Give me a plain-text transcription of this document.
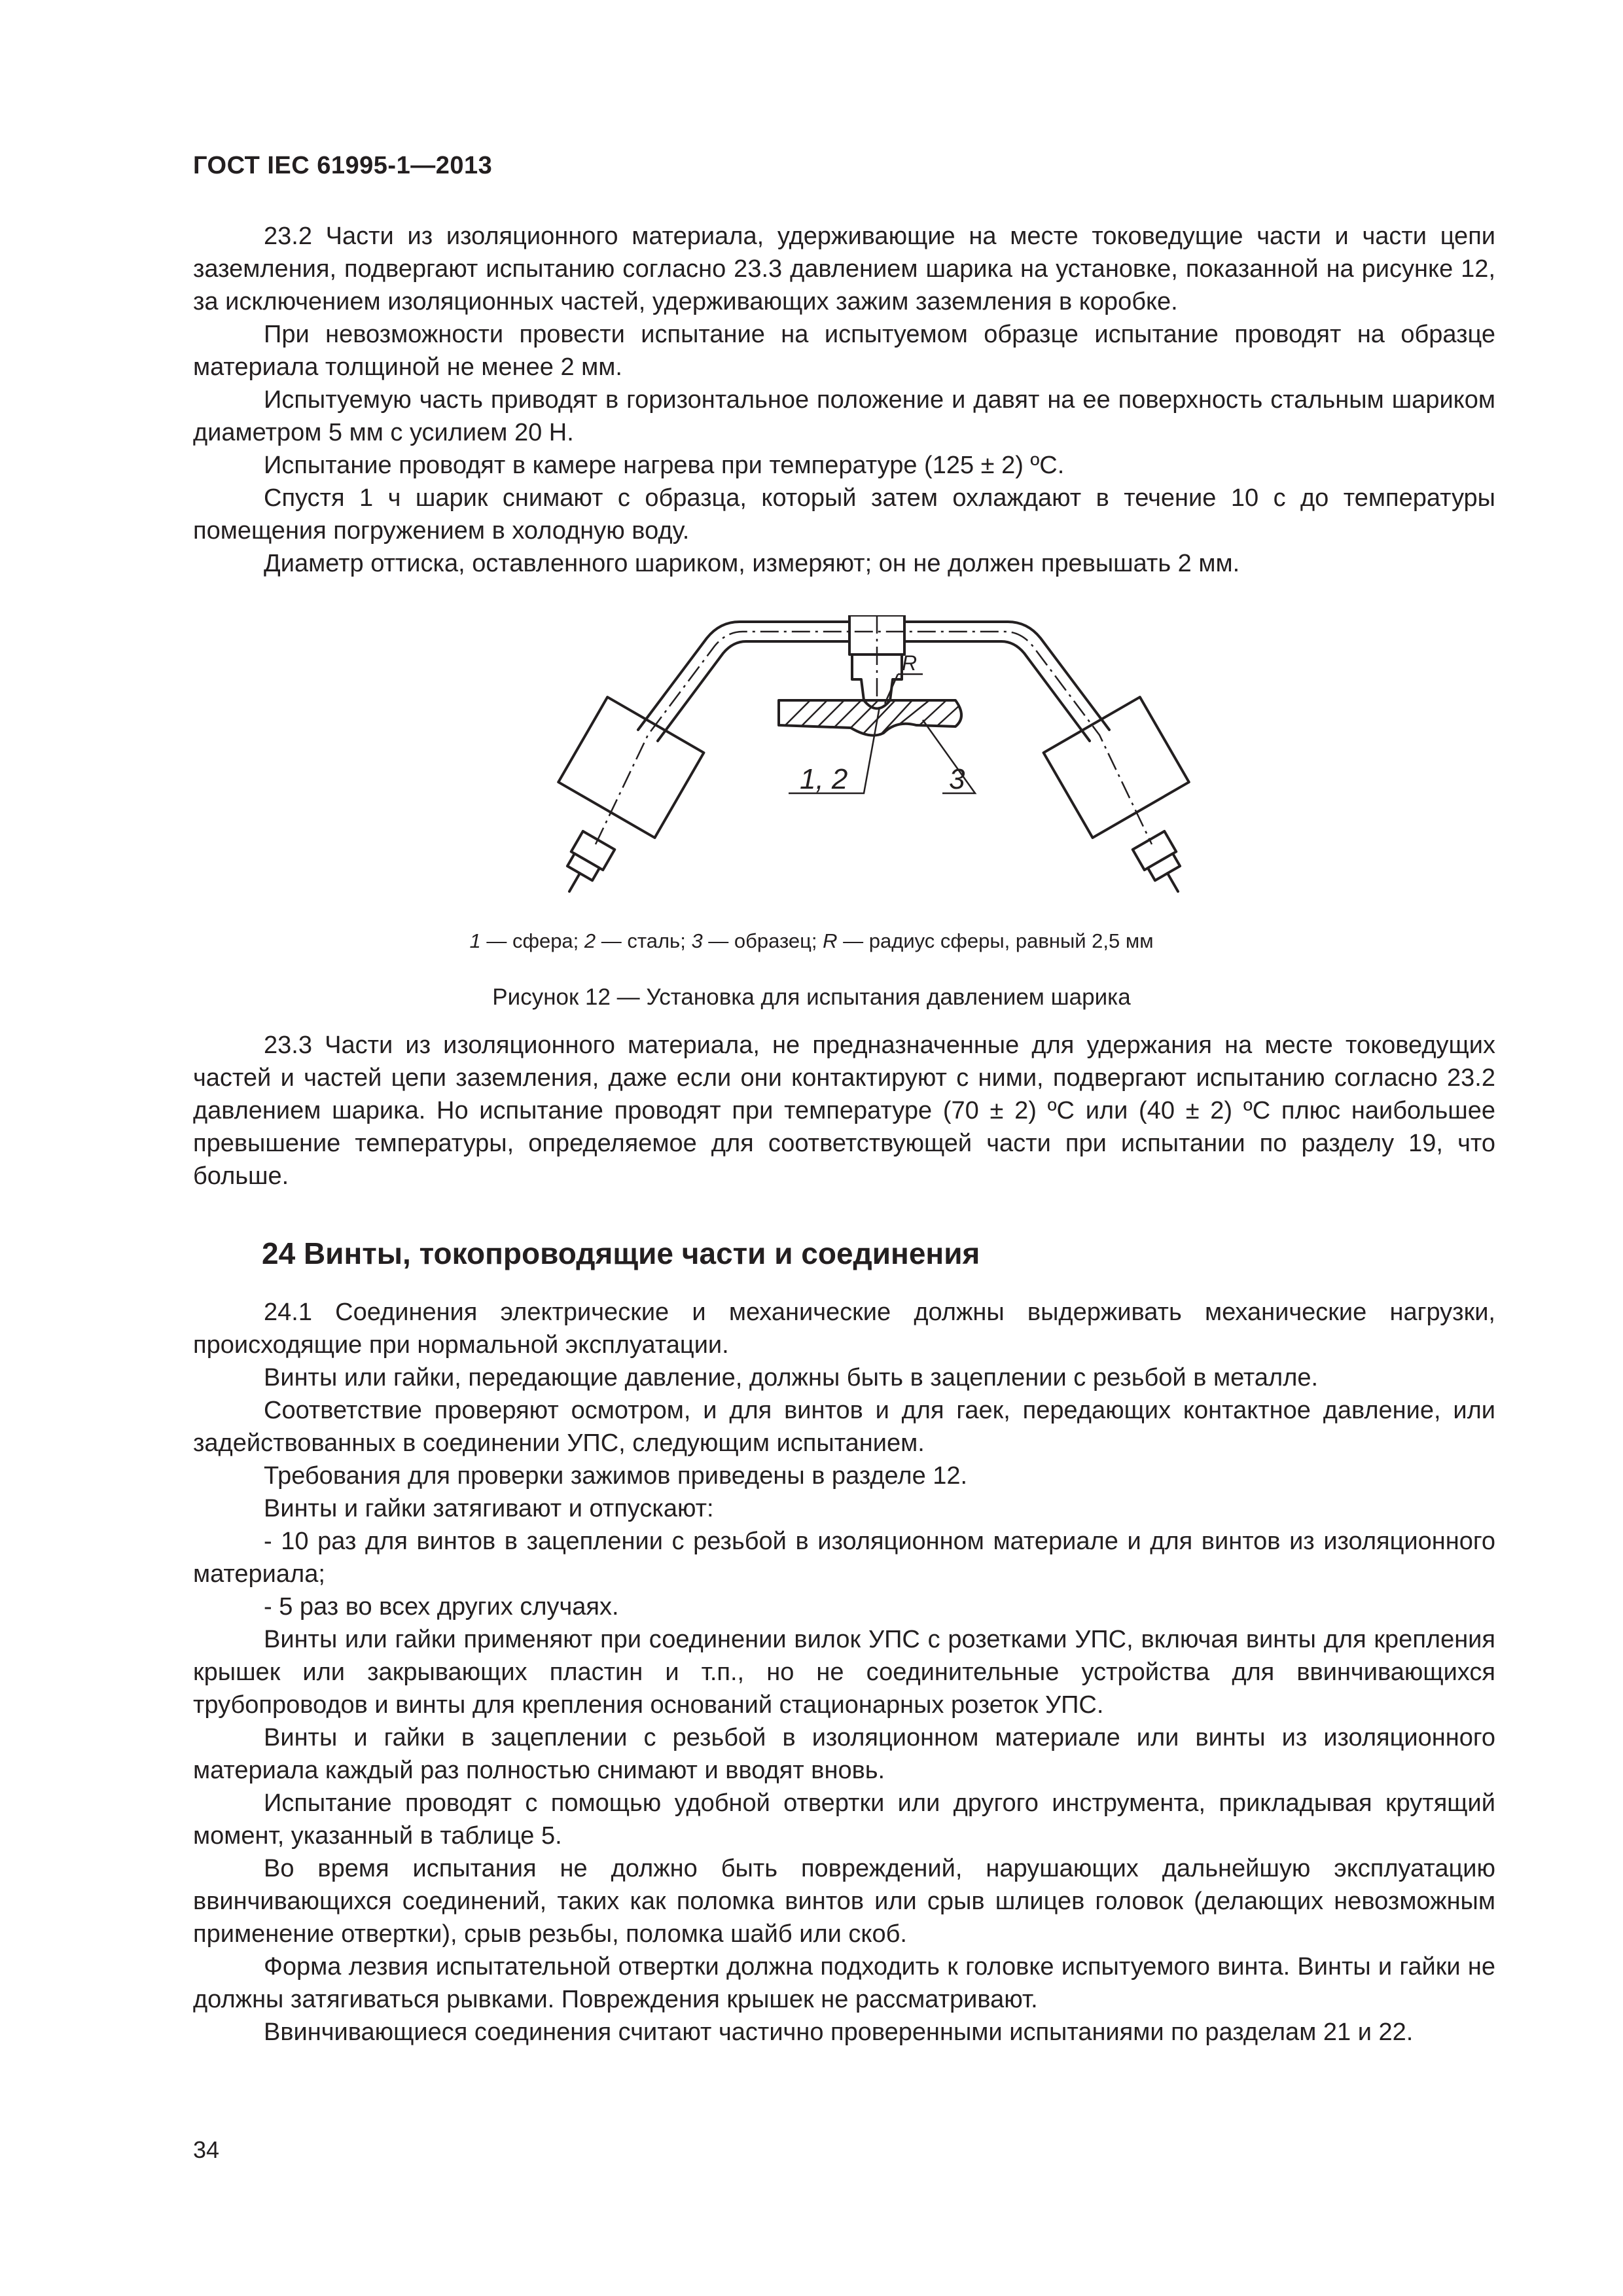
ГОСТ IEC 61995-1—2013

23.2 Части из изоляционного материала, удерживающие на месте токоведущие части и части цепи заземления, подвергают испытанию согласно 23.3 давлением шарика на установке, показанной на рисунке 12, за исключением изоляционных частей, удерживающих зажим заземления в коробке.

При невозможности провести испытание на испытуемом образце испытание проводят на образце материала толщиной не менее 2 мм.

Испытуемую часть приводят в горизонтальное положение и давят на ее поверхность стальным шариком диаметром 5 мм с усилием 20 Н.

Испытание проводят в камере нагрева при температуре (125 ± 2) ºС.

Спустя 1 ч шарик снимают с образца, который затем охлаждают в течение 10 с до температуры помещения погружением в холодную воду.

Диаметр оттиска, оставленного шариком, измеряют; он не должен превышать 2 мм.

1, 2	3
R
1 — сфера; 2 — сталь; 3 — образец; R — радиус сферы, равный 2,5 мм
Рисунок 12 — Установка для испытания давлением шарика

23.3 Части из изоляционного материала, не предназначенные для удержания на месте токоведущих частей и частей цепи заземления, даже если они контактируют с ними, подвергают испытанию согласно 23.2 давлением шарика. Но испытание проводят при температуре (70 ± 2) ºС или (40 ± 2) ºС плюс наибольшее превышение температуры, определяемое для соответствующей части при испытании по разделу 19, что больше.

24 Винты, токопроводящие части и соединения

24.1 Соединения электрические и механические должны выдерживать механические нагрузки, происходящие при нормальной эксплуатации.

Винты или гайки, передающие давление, должны быть в зацеплении с резьбой в металле.

Соответствие проверяют осмотром, и для винтов и для гаек, передающих контактное давление, или задействованных в соединении УПС, следующим испытанием.

Требования для проверки зажимов приведены в разделе 12.

Винты и гайки затягивают и отпускают:

- 10 раз для винтов в зацеплении с резьбой в изоляционном материале и для винтов из изоляционного материала;

- 5 раз во всех других случаях.

Винты или гайки применяют при соединении вилок УПС с розетками УПС, включая винты для крепления крышек или закрывающих пластин и т.п., но не соединительные устройства для ввинчивающихся трубопроводов и винты для крепления оснований стационарных розеток УПС.

Винты и гайки в зацеплении с резьбой в изоляционном материале или винты из изоляционного материала каждый раз полностью снимают и вводят вновь.

Испытание проводят с помощью удобной отвертки или другого инструмента, прикладывая крутящий момент, указанный в таблице 5.

Во время испытания не должно быть повреждений, нарушающих дальнейшую эксплуатацию ввинчивающихся соединений, таких как поломка винтов или срыв шлицев головок (делающих невозможным применение отвертки), срыв резьбы, поломка шайб или скоб.

Форма лезвия испытательной отвертки должна подходить к головке испытуемого винта. Винты и гайки не должны затягиваться рывками. Повреждения крышек не рассматривают.

Ввинчивающиеся соединения считают частично проверенными испытаниями по разделам 21 и 22.

34
